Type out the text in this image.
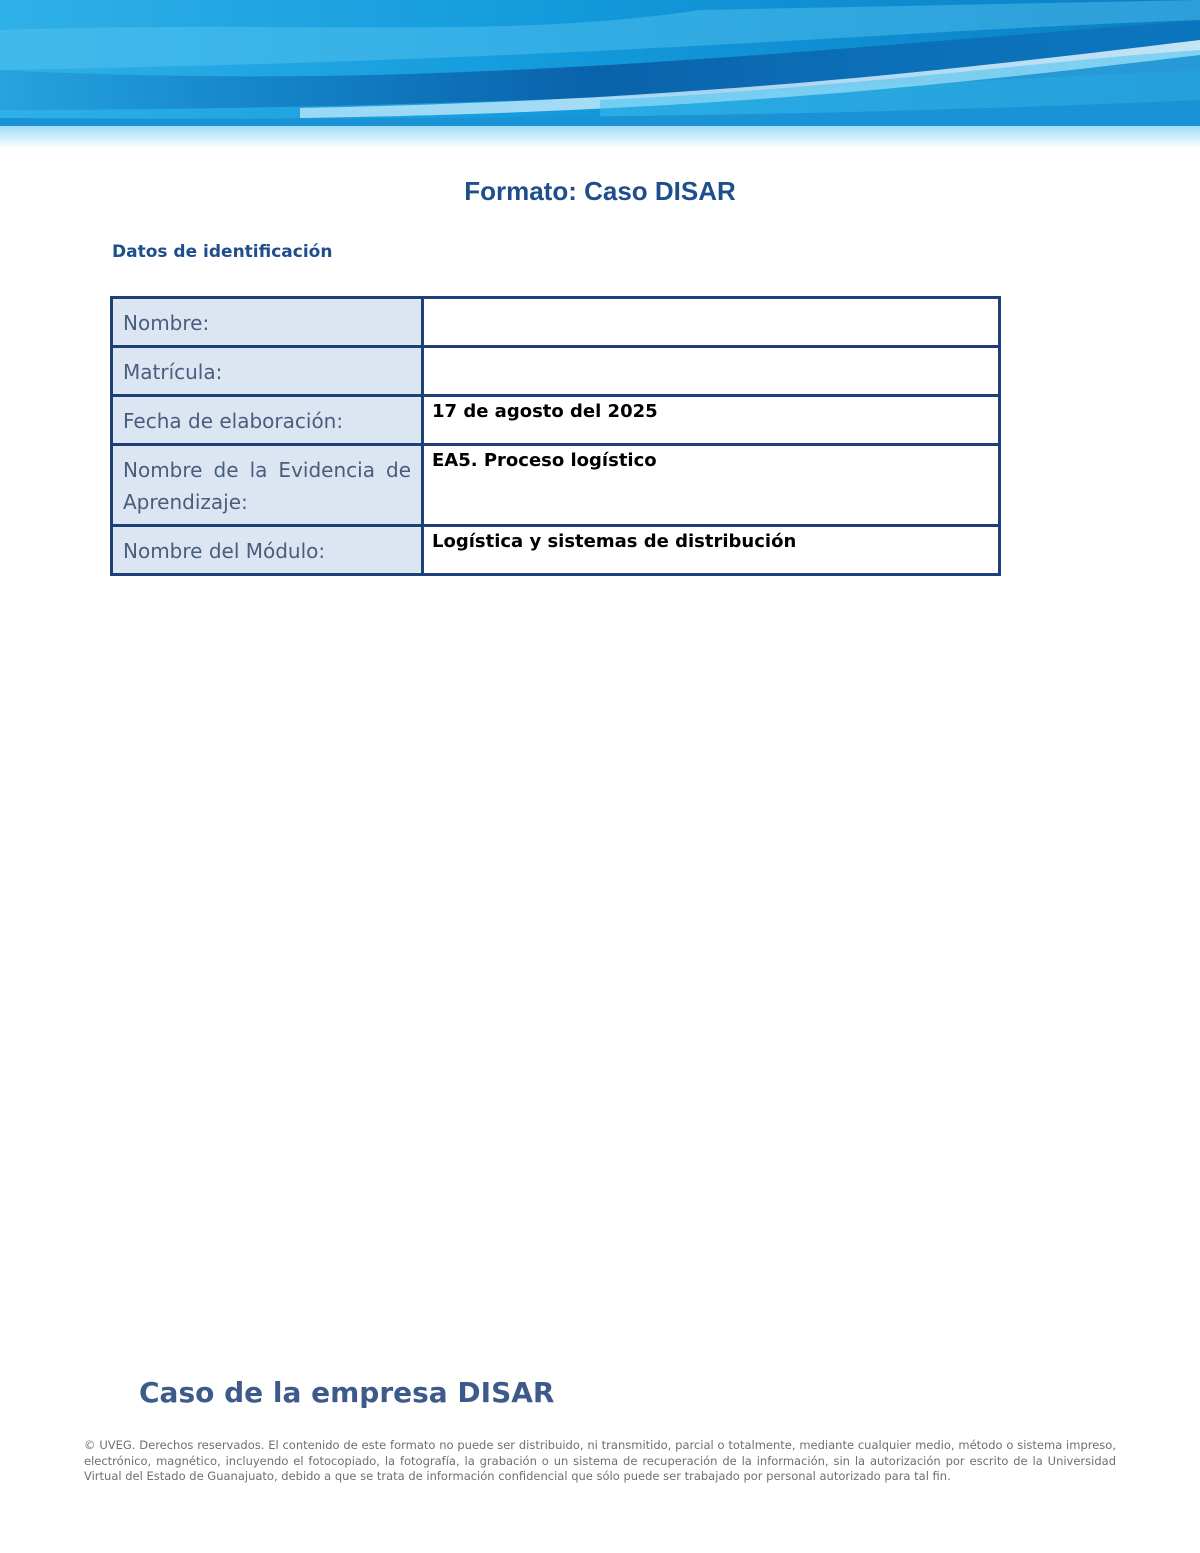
Formato: Caso DISAR
Datos de identificación
Nombre:	
Matrícula:	
Fecha de elaboración:	17 de agosto del 2025
Nombre de la Evidencia de Aprendizaje:	EA5. Proceso logístico
Nombre del Módulo:	Logística y sistemas de distribución
Caso de la empresa DISAR
© UVEG. Derechos reservados. El contenido de este formato no puede ser distribuido, ni transmitido, parcial o totalmente, mediante cualquier medio, método o sistema impreso, electrónico, magnético, incluyendo el fotocopiado, la fotografía, la grabación o un sistema de recuperación de la información, sin la autorización por escrito de la Universidad Virtual del Estado de Guanajuato, debido a que se trata de información confidencial que sólo puede ser trabajado por personal autorizado para tal fin.
